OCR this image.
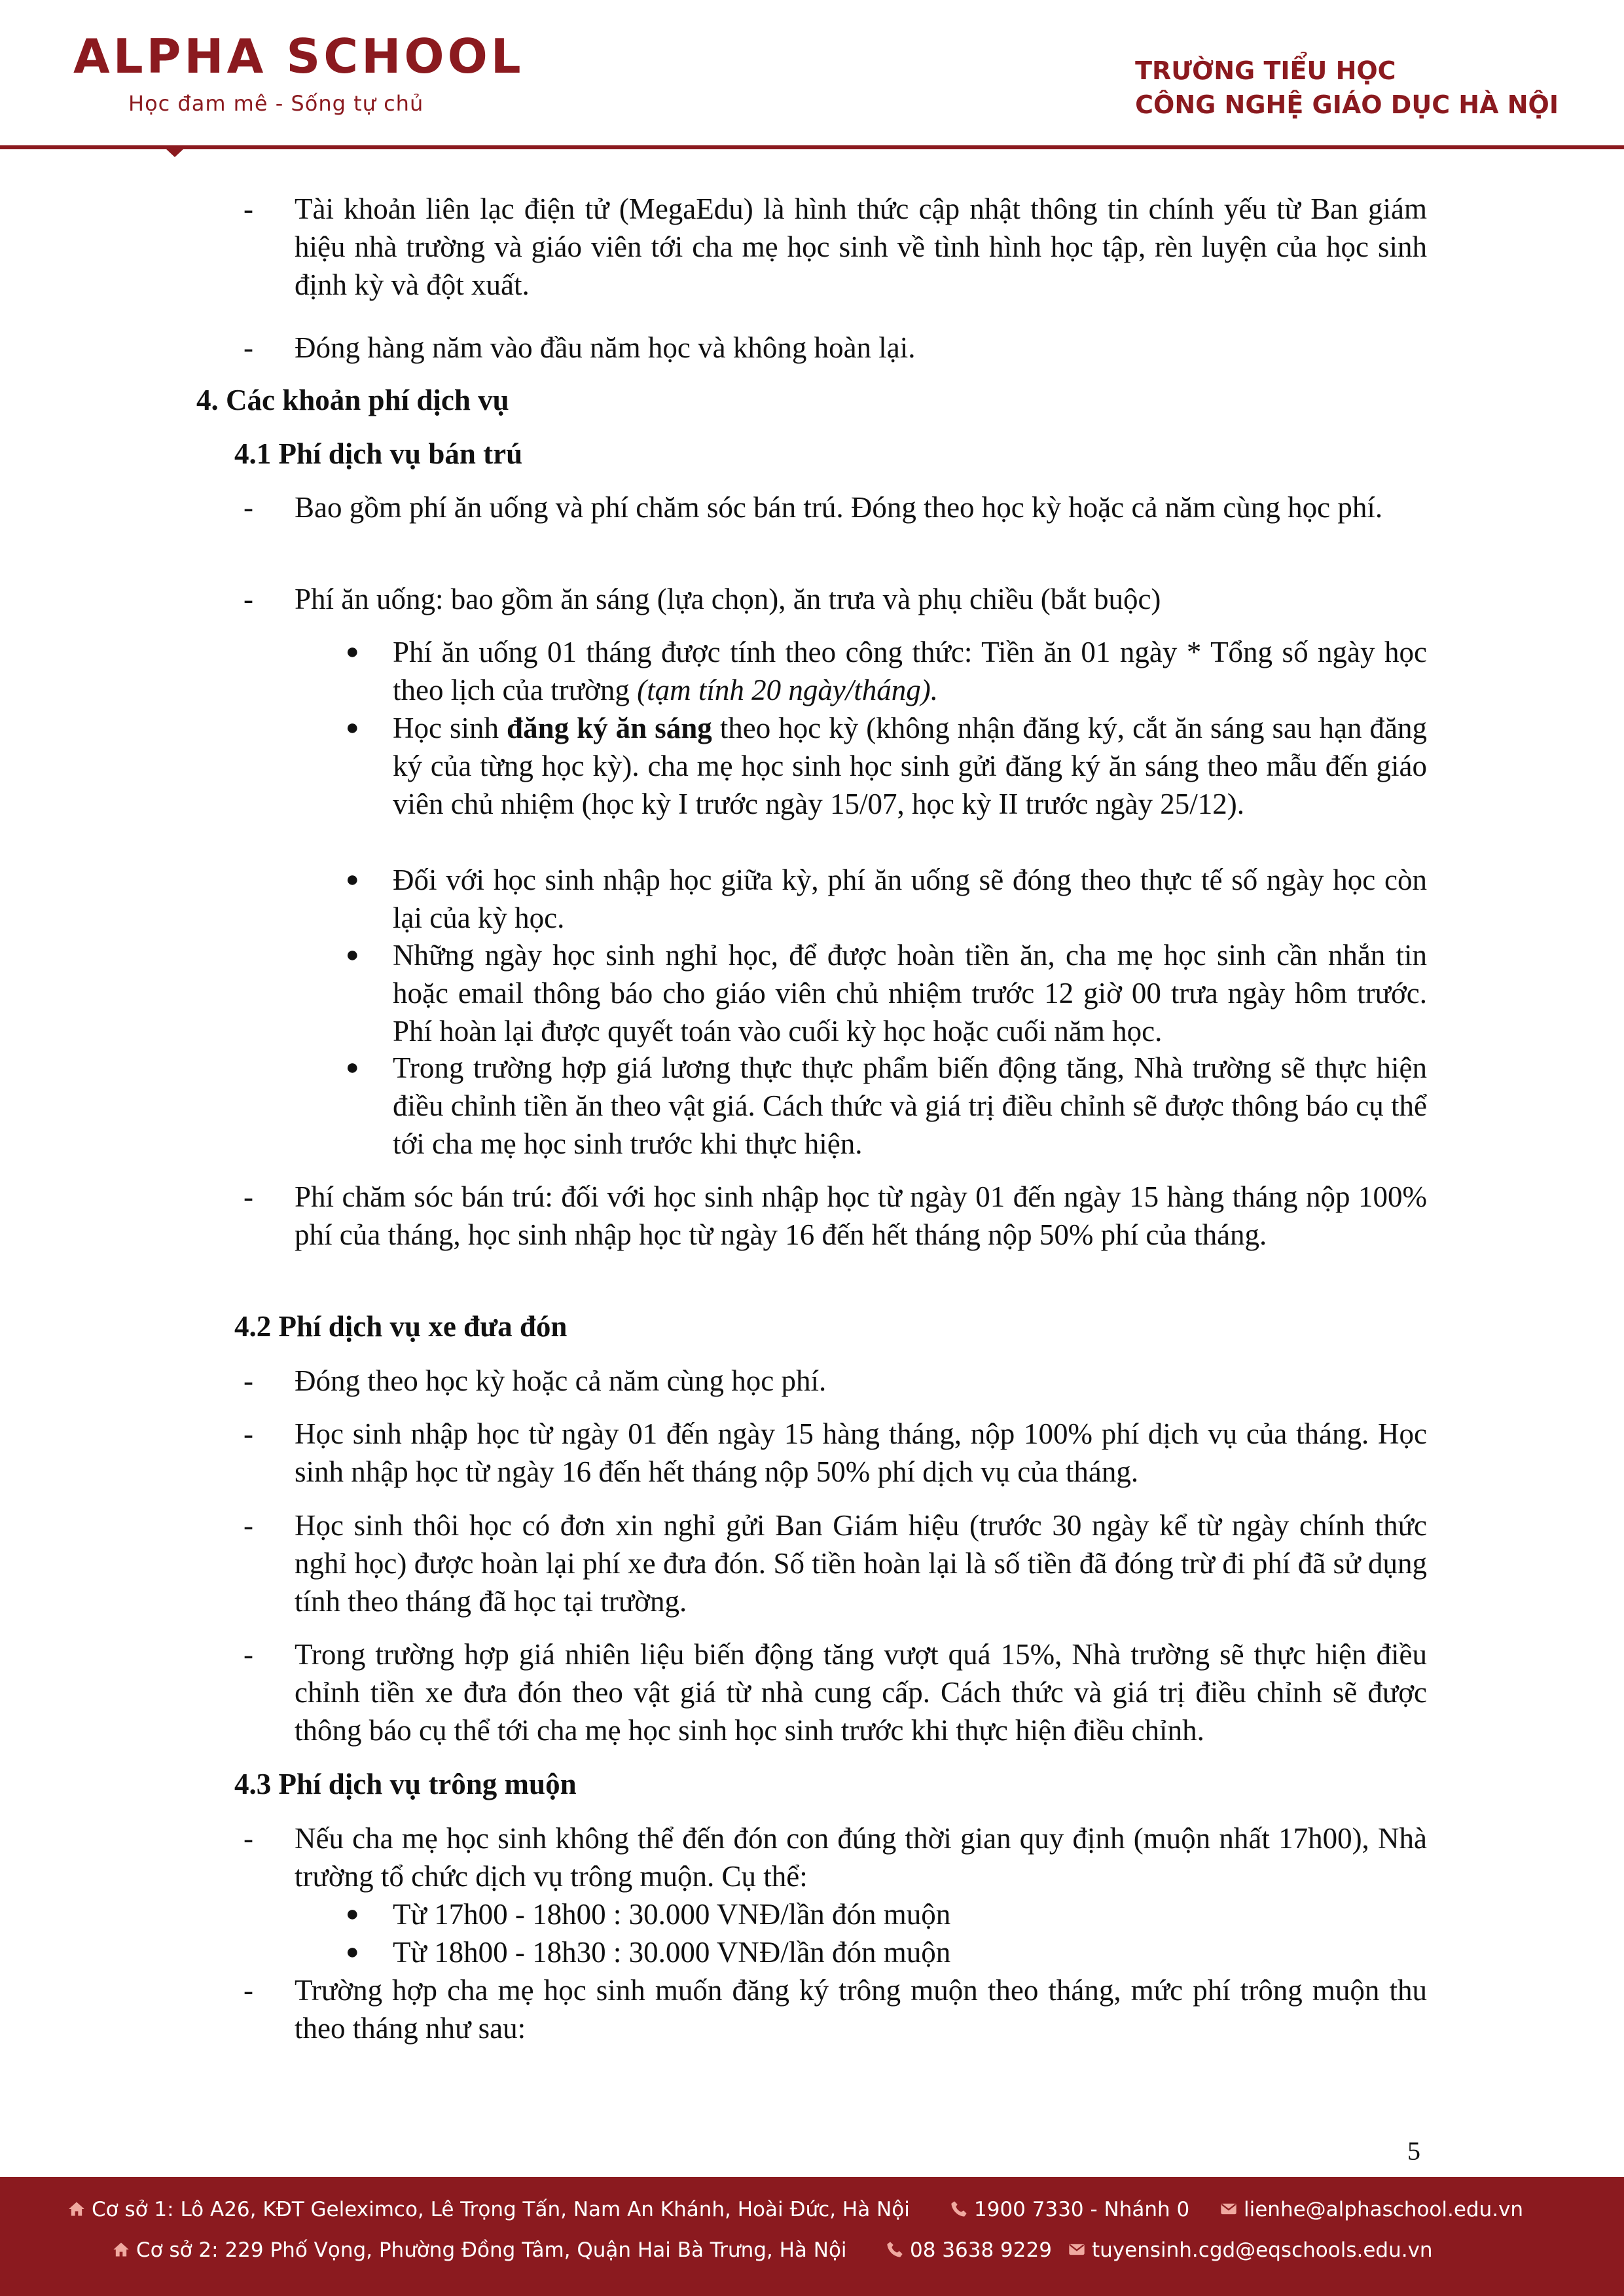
ALPHA SCHOOL
Học đam mê - Sống tự chủ
TRƯỜNG TIỂU HỌC
CÔNG NGHỆ GIÁO DỤC HÀ NỘI
- Tài khoản liên lạc điện tử (MegaEdu) là hình thức cập nhật thông tin chính yếu từ Ban giám hiệu nhà trường và giáo viên tới cha mẹ học sinh về tình hình học tập, rèn luyện của học sinh định kỳ và đột xuất.
- Đóng hàng năm vào đầu năm học và không hoàn lại.
4. Các khoản phí dịch vụ
4.1 Phí dịch vụ bán trú
- Bao gồm phí ăn uống và phí chăm sóc bán trú. Đóng theo học kỳ hoặc cả năm cùng học phí.
- Phí ăn uống: bao gồm ăn sáng (lựa chọn), ăn trưa và phụ chiều (bắt buộc)
● Phí ăn uống 01 tháng được tính theo công thức: Tiền ăn 01 ngày * Tổng số ngày học theo lịch của trường (tạm tính 20 ngày/tháng).
● Học sinh đăng ký ăn sáng theo học kỳ (không nhận đăng ký, cắt ăn sáng sau hạn đăng ký của từng học kỳ). cha mẹ học sinh học sinh gửi đăng ký ăn sáng theo mẫu đến giáo viên chủ nhiệm (học kỳ I trước ngày 15/07, học kỳ II trước ngày 25/12).
● Đối với học sinh nhập học giữa kỳ, phí ăn uống sẽ đóng theo thực tế số ngày học còn lại của kỳ học.
● Những ngày học sinh nghỉ học, để được hoàn tiền ăn, cha mẹ học sinh cần nhắn tin hoặc email thông báo cho giáo viên chủ nhiệm trước 12 giờ 00 trưa ngày hôm trước. Phí hoàn lại được quyết toán vào cuối kỳ học hoặc cuối năm học.
● Trong trường hợp giá lương thực thực phẩm biến động tăng, Nhà trường sẽ thực hiện điều chỉnh tiền ăn theo vật giá. Cách thức và giá trị điều chỉnh sẽ được thông báo cụ thể tới cha mẹ học sinh trước khi thực hiện.
- Phí chăm sóc bán trú: đối với học sinh nhập học từ ngày 01 đến ngày 15 hàng tháng nộp 100% phí của tháng, học sinh nhập học từ ngày 16 đến hết tháng nộp 50% phí của tháng.
4.2 Phí dịch vụ xe đưa đón
- Đóng theo học kỳ hoặc cả năm cùng học phí.
- Học sinh nhập học từ ngày 01 đến ngày 15 hàng tháng, nộp 100% phí dịch vụ của tháng. Học sinh nhập học từ ngày 16 đến hết tháng nộp 50% phí dịch vụ của tháng.
- Học sinh thôi học có đơn xin nghỉ gửi Ban Giám hiệu (trước 30 ngày kể từ ngày chính thức nghỉ học) được hoàn lại phí xe đưa đón. Số tiền hoàn lại là số tiền đã đóng trừ đi phí đã sử dụng tính theo tháng đã học tại trường.
- Trong trường hợp giá nhiên liệu biến động tăng vượt quá 15%, Nhà trường sẽ thực hiện điều chỉnh tiền xe đưa đón theo vật giá từ nhà cung cấp. Cách thức và giá trị điều chỉnh sẽ được thông báo cụ thể tới cha mẹ học sinh học sinh trước khi thực hiện điều chỉnh.
4.3 Phí dịch vụ trông muộn
- Nếu cha mẹ học sinh không thể đến đón con đúng thời gian quy định (muộn nhất 17h00), Nhà trường tổ chức dịch vụ trông muộn. Cụ thể:
● Từ 17h00 - 18h00 : 30.000 VNĐ/lần đón muộn
● Từ 18h00 - 18h30 : 30.000 VNĐ/lần đón muộn
- Trường hợp cha mẹ học sinh muốn đăng ký trông muộn theo tháng, mức phí trông muộn thu theo tháng như sau:
5
Cơ sở 1: Lô A26, KĐT Geleximco, Lê Trọng Tấn, Nam An Khánh, Hoài Đức, Hà Nội	1900 7330 - Nhánh 0	lienhe@alphaschool.edu.vn
Cơ sở 2: 229 Phố Vọng, Phường Đồng Tâm, Quận Hai Bà Trưng, Hà Nội	08 3638 9229	tuyensinh.cgd@eqschools.edu.vn
